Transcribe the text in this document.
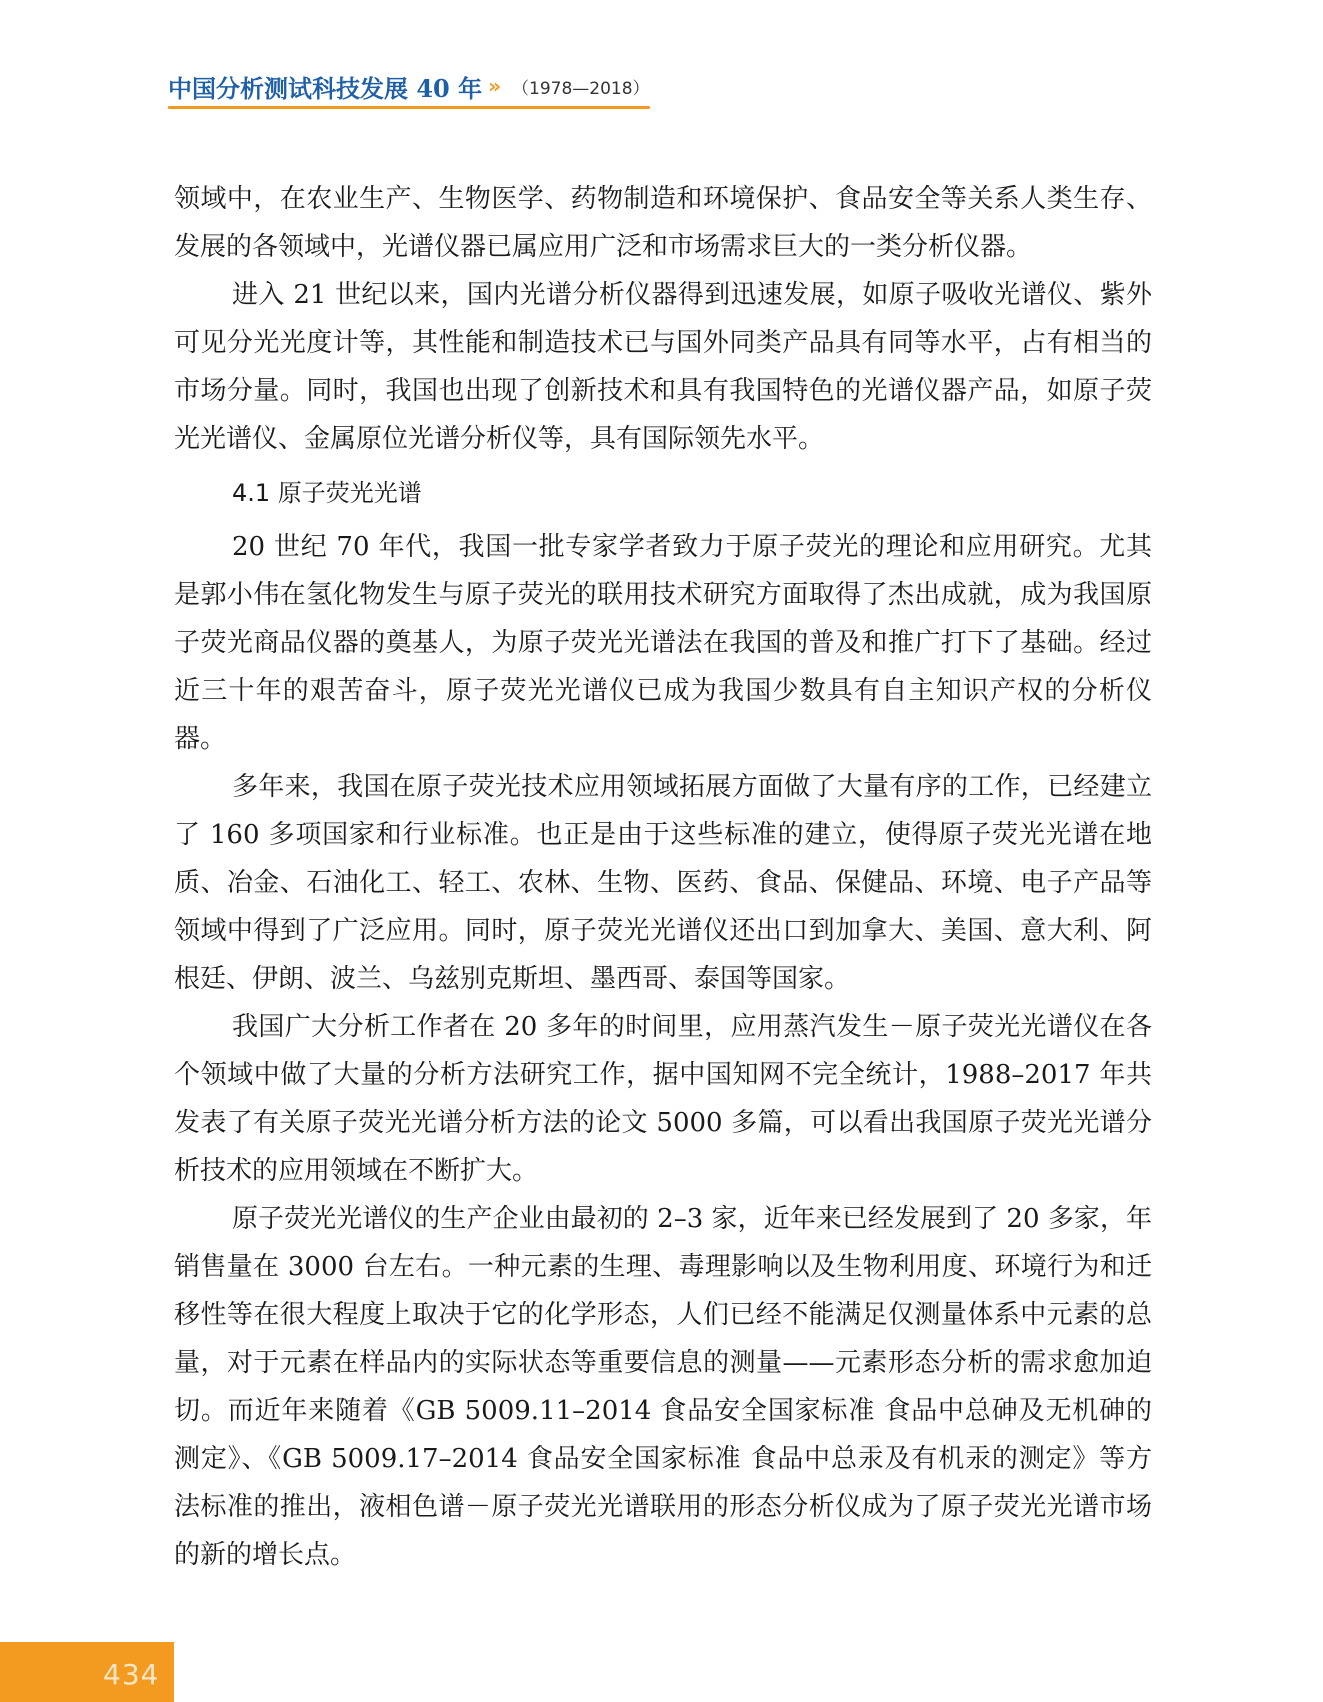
中国分析测试科技发展 40 年 » （1978—2018）

领域中，在农业生产、生物医学、药物制造和环境保护、食品安全等关系人类生存、发展的各领域中，光谱仪器已属应用广泛和市场需求巨大的一类分析仪器。

进入 21 世纪以来，国内光谱分析仪器得到迅速发展，如原子吸收光谱仪、紫外可见分光光度计等，其性能和制造技术已与国外同类产品具有同等水平，占有相当的市场分量。同时，我国也出现了创新技术和具有我国特色的光谱仪器产品，如原子荧光光谱仪、金属原位光谱分析仪等，具有国际领先水平。

4.1 原子荧光光谱

20 世纪 70 年代，我国一批专家学者致力于原子荧光的理论和应用研究。尤其是郭小伟在氢化物发生与原子荧光的联用技术研究方面取得了杰出成就，成为我国原子荧光商品仪器的奠基人，为原子荧光光谱法在我国的普及和推广打下了基础。经过近三十年的艰苦奋斗，原子荧光光谱仪已成为我国少数具有自主知识产权的分析仪器。

多年来，我国在原子荧光技术应用领域拓展方面做了大量有序的工作，已经建立了 160 多项国家和行业标准。也正是由于这些标准的建立，使得原子荧光光谱在地质、冶金、石油化工、轻工、农林、生物、医药、食品、保健品、环境、电子产品等领域中得到了广泛应用。同时，原子荧光光谱仪还出口到加拿大、美国、意大利、阿根廷、伊朗、波兰、乌兹别克斯坦、墨西哥、泰国等国家。

我国广大分析工作者在 20 多年的时间里，应用蒸汽发生－原子荧光光谱仪在各个领域中做了大量的分析方法研究工作，据中国知网不完全统计，1988–2017 年共发表了有关原子荧光光谱分析方法的论文 5000 多篇，可以看出我国原子荧光光谱分析技术的应用领域在不断扩大。

原子荧光光谱仪的生产企业由最初的 2–3 家，近年来已经发展到了 20 多家，年销售量在 3000 台左右。一种元素的生理、毒理影响以及生物利用度、环境行为和迁移性等在很大程度上取决于它的化学形态，人们已经不能满足仅测量体系中元素的总量，对于元素在样品内的实际状态等重要信息的测量——元素形态分析的需求愈加迫切。而近年来随着《GB 5009.11–2014 食品安全国家标准 食品中总砷及无机砷的测定》、《GB 5009.17–2014 食品安全国家标准 食品中总汞及有机汞的测定》等方法标准的推出，液相色谱－原子荧光光谱联用的形态分析仪成为了原子荧光光谱市场的新的增长点。

434
